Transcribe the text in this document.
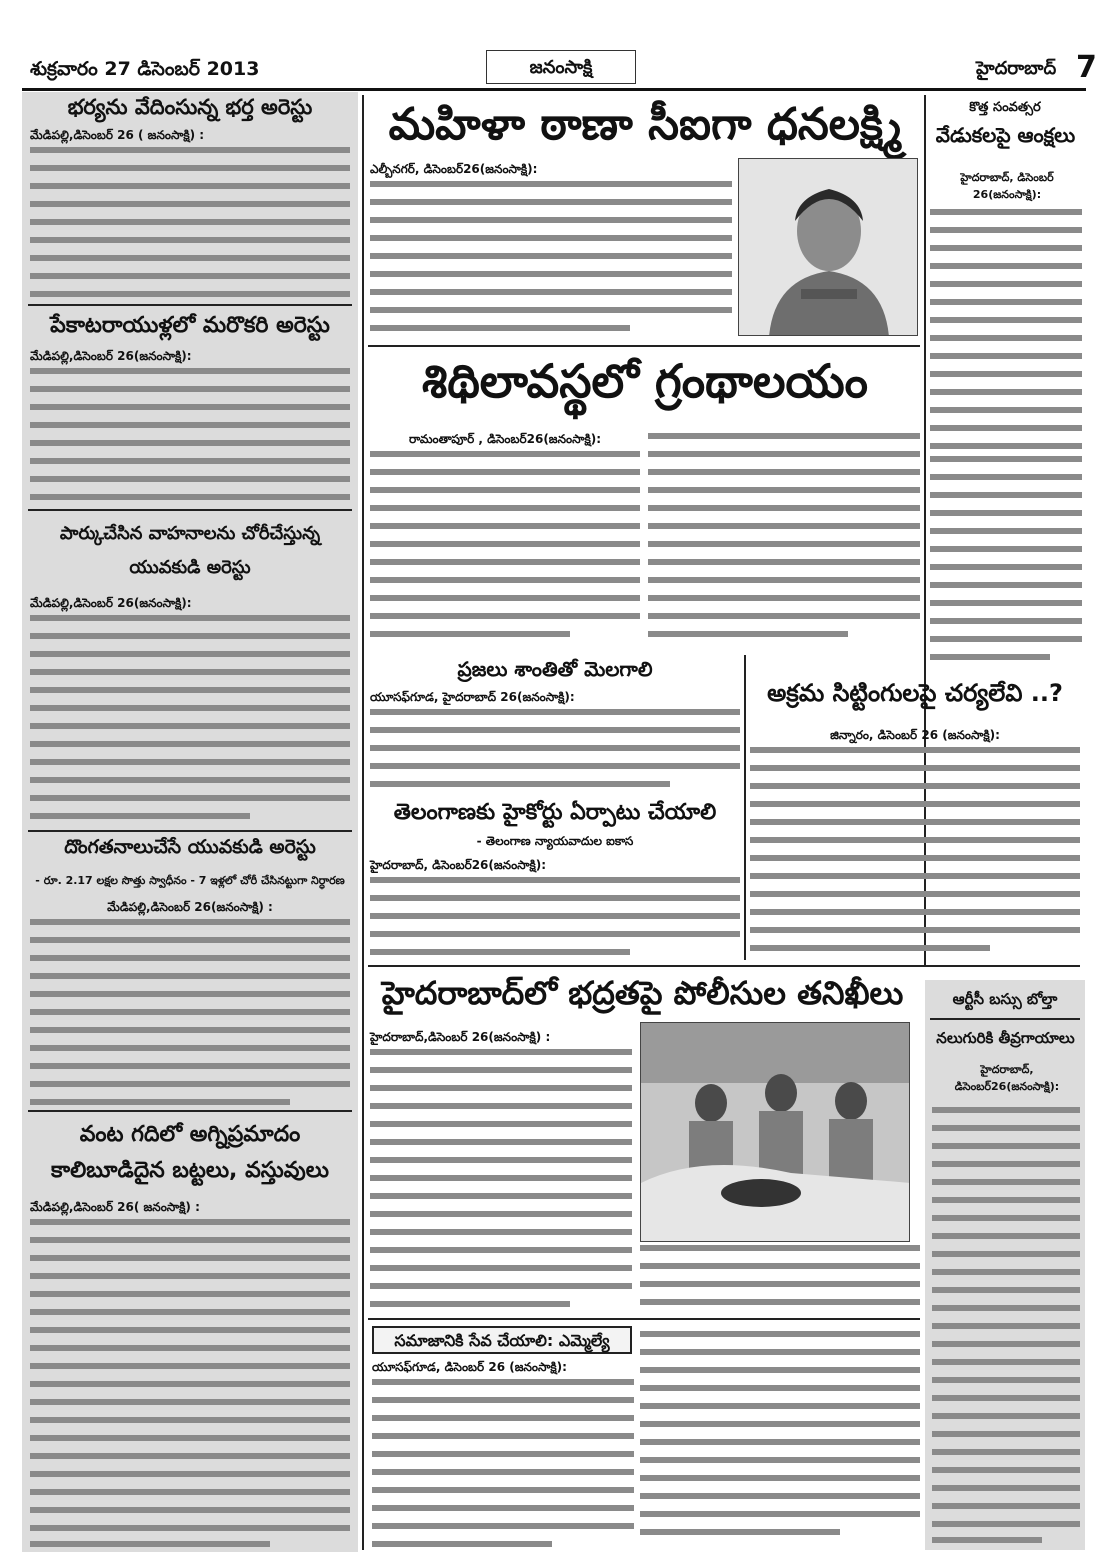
శుక్రవారం 27 డిసెంబర్ 2013	జనంసాక్షి	హైదరాబాద్ 7
భర్యను వేదింసున్న భర్త అరెస్టు
మేడిపల్లి,డిసెంబర్ 26 ( జనంసాక్షి) :
పేకాటరాయుళ్లలో మరొకరి అరెస్టు
మేడిపల్లి,డిసెంబర్ 26(జనంసాక్షి):
పార్కుచేసిన వాహనాలను చోరీచేస్తున్న యువకుడి అరెస్టు
మేడిపల్లి,డిసెంబర్ 26(జనంసాక్షి):
దొంగతనాలుచేసే యువకుడి అరెస్టు
- రూ. 2.17 లక్షల సొత్తు స్వాధీనం - 7 ఇళ్లలో చోరీ చేసినట్టుగా నిర్ధారణ
మేడిపల్లి,డిసెంబర్ 26(జనంసాక్షి) :
వంట గదిలో అగ్నిప్రమాదం కాలిబూడిదైన బట్టలు, వస్తువులు
మేడిపల్లి,డిసెంబర్ 26( జనంసాక్షి) :
మహిళా ఠాణా సీఐగా ధనలక్ష్మి
ఎల్బీనగర్, డిసెంబర్26(జనంసాక్షి):
శిథిలావస్థలో గ్రంథాలయం
రామంతాపూర్ , డిసెంబర్26(జనంసాక్షి):
ప్రజలు శాంతితో మెలగాలి
యూసఫ్‌గూడ, హైదరాబాద్ 26(జనంసాక్షి):
తెలంగాణకు హైకోర్టు ఏర్పాటు చేయాలి
- తెలంగాణ న్యాయవాదుల ఐకాస
హైదరాబాద్, డిసెంబర్26(జనంసాక్షి):
అక్రమ సిట్టింగులపై చర్యలేవి ..?
జిన్నారం, డిసెంబర్ 26 (జనంసాక్షి):
హైదరాబాద్‌లో భద్రతపై పోలీసుల తనిఖీలు
హైదరాబాద్,డిసెంబర్ 26(జనంసాక్షి) :
సమాజానికి సేవ చేయాలి: ఎమ్మెల్యే
యూసఫ్‌గూడ, డిసెంబర్ 26 (జనంసాక్షి):
కొత్త సంవత్సర
వేడుకలపై ఆంక్షలు
హైదరాబాద్, డిసెంబర్ 26(జనంసాక్షి):
ఆర్టీసీ బస్సు బోల్తా
నలుగురికి తీవ్రగాయాలు
హైదరాబాద్, డిసెంబర్26(జనంసాక్షి):
